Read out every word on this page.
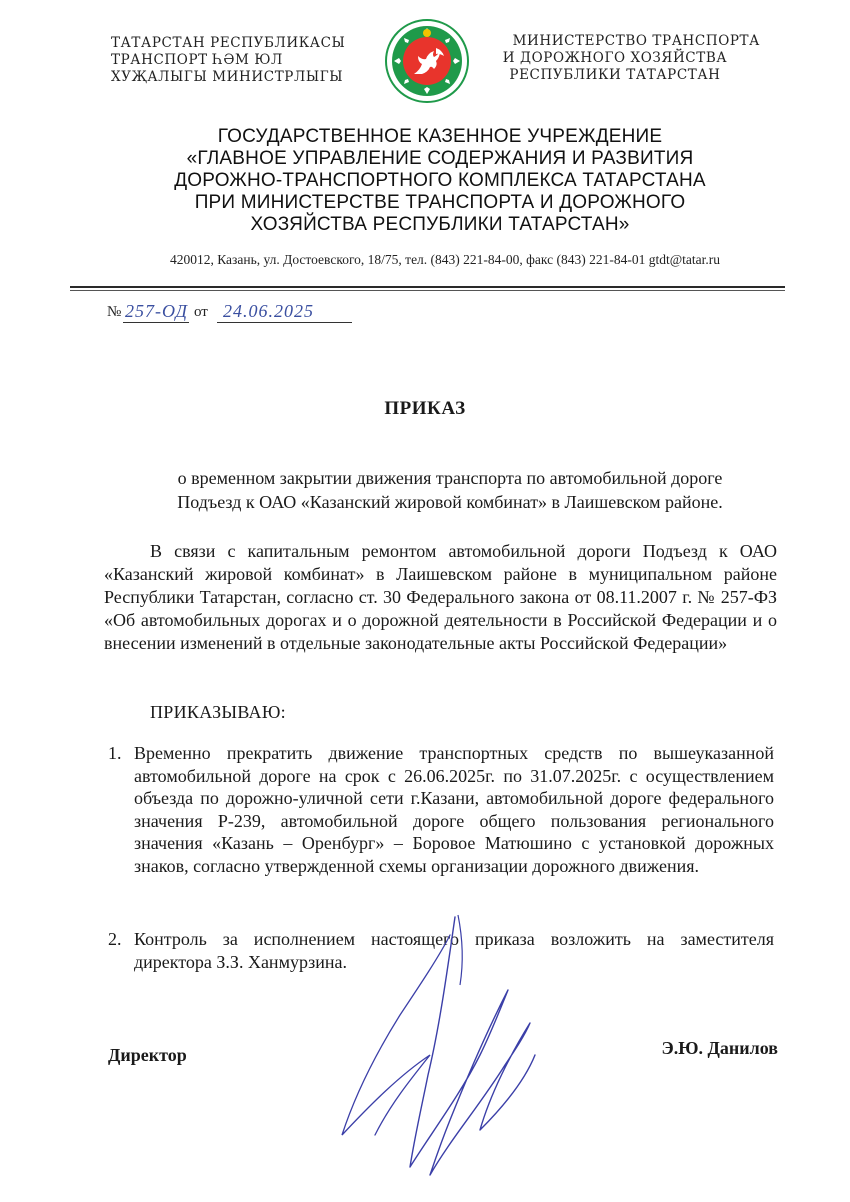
ТАТАРСТАН РЕСПУБЛИКАСЫ
ТРАНСПОРТ ҺӘМ ЮЛ
ХУҖАЛЫГЫ МИНИСТРЛЫГЫ
МИНИСТЕРСТВО ТРАНСПОРТА
И ДОРОЖНОГО ХОЗЯЙСТВА
РЕСПУБЛИКИ ТАТАРСТАН
ГОСУДАРСТВЕННОЕ КАЗЕННОЕ УЧРЕЖДЕНИЕ
«ГЛАВНОЕ УПРАВЛЕНИЕ СОДЕРЖАНИЯ И РАЗВИТИЯ
ДОРОЖНО-ТРАНСПОРТНОГО КОМПЛЕКСА ТАТАРСТАНА
ПРИ МИНИСТЕРСТВЕ ТРАНСПОРТА И ДОРОЖНОГО
ХОЗЯЙСТВА РЕСПУБЛИКИ ТАТАРСТАН»
420012, Казань, ул. Достоевского, 18/75, тел. (843) 221-84-00, факс (843) 221-84-01 gtdt@tatar.ru
№ 257-ОД от 24.06.2025
ПРИКАЗ
о временном закрытии движения транспорта по автомобильной дороге
Подъезд к ОАО «Казанский жировой комбинат» в Лаишевском районе.
В связи с капитальным ремонтом автомобильной дороги Подъезд к ОАО «Казанский жировой комбинат» в Лаишевском районе в муниципальном районе Республики Татарстан, согласно ст. 30 Федерального закона от 08.11.2007 г. № 257-ФЗ «Об автомобильных дорогах и о дорожной деятельности в Российской Федерации и о внесении изменений в отдельные законодательные акты Российской Федерации»
ПРИКАЗЫВАЮ:
1. Временно прекратить движение транспортных средств по вышеуказанной автомобильной дороге на срок с 26.06.2025г. по 31.07.2025г. с осуществлением объезда по дорожно-уличной сети г.Казани, автомобильной дороге федерального значения Р-239, автомобильной дороге общего пользования регионального значения «Казань – Оренбург» – Боровое Матюшино с установкой дорожных знаков, согласно утвержденной схемы организации дорожного движения.
2. Контроль за исполнением настоящего приказа возложить на заместителя директора З.З. Ханмурзина.
Директор	Э.Ю. Данилов
